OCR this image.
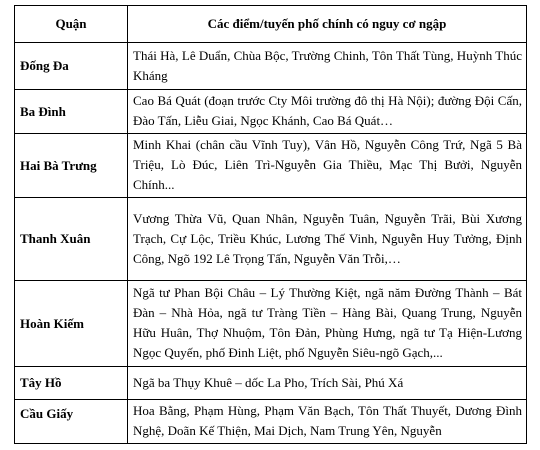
Quận	Các điểm/tuyến phố chính có nguy cơ ngập
Đống Đa	Thái Hà, Lê Duẩn, Chùa Bộc, Trường Chinh, Tôn Thất Tùng, Huỳnh Thúc Kháng
Ba Đình	Cao Bá Quát (đoạn trước Cty Môi trường đô thị Hà Nội); đường Đội Cấn, Đào Tấn, Liễu Giai, Ngọc Khánh, Cao Bá Quát…
Hai Bà Trưng	Minh Khai (chân cầu Vĩnh Tuy), Vân Hồ, Nguyễn Công Trứ, Ngã 5 Bà Triệu, Lò Đúc, Liên Trì-Nguyễn Gia Thiều, Mạc Thị Bưởi, Nguyễn Chính...
Thanh Xuân	Vương Thừa Vũ, Quan Nhân, Nguyễn Tuân, Nguyễn Trãi, Bùi Xương Trạch, Cự Lộc, Triều Khúc, Lương Thế Vinh, Nguyễn Huy Tưởng, Định Công, Ngõ 192 Lê Trọng Tấn, Nguyễn Văn Trỗi,…
Hoàn Kiếm	Ngã tư Phan Bội Châu – Lý Thường Kiệt, ngã năm Đường Thành – Bát Đàn – Nhà Hỏa, ngã tư Tràng Tiền – Hàng Bài, Quang Trung, Nguyễn Hữu Huân, Thợ Nhuộm, Tôn Đản, Phùng Hưng, ngã tư Tạ Hiện-Lương Ngọc Quyến, phố Đinh Liệt, phố Nguyễn Siêu-ngõ Gạch,...
Tây Hồ	Ngã ba Thụy Khuê – dốc La Pho, Trích Sài, Phú Xá
Cầu Giấy	Hoa Bằng, Phạm Hùng, Phạm Văn Bạch, Tôn Thất Thuyết, Dương Đình Nghệ, Doãn Kế Thiện, Mai Dịch, Nam Trung Yên, Nguyễn
